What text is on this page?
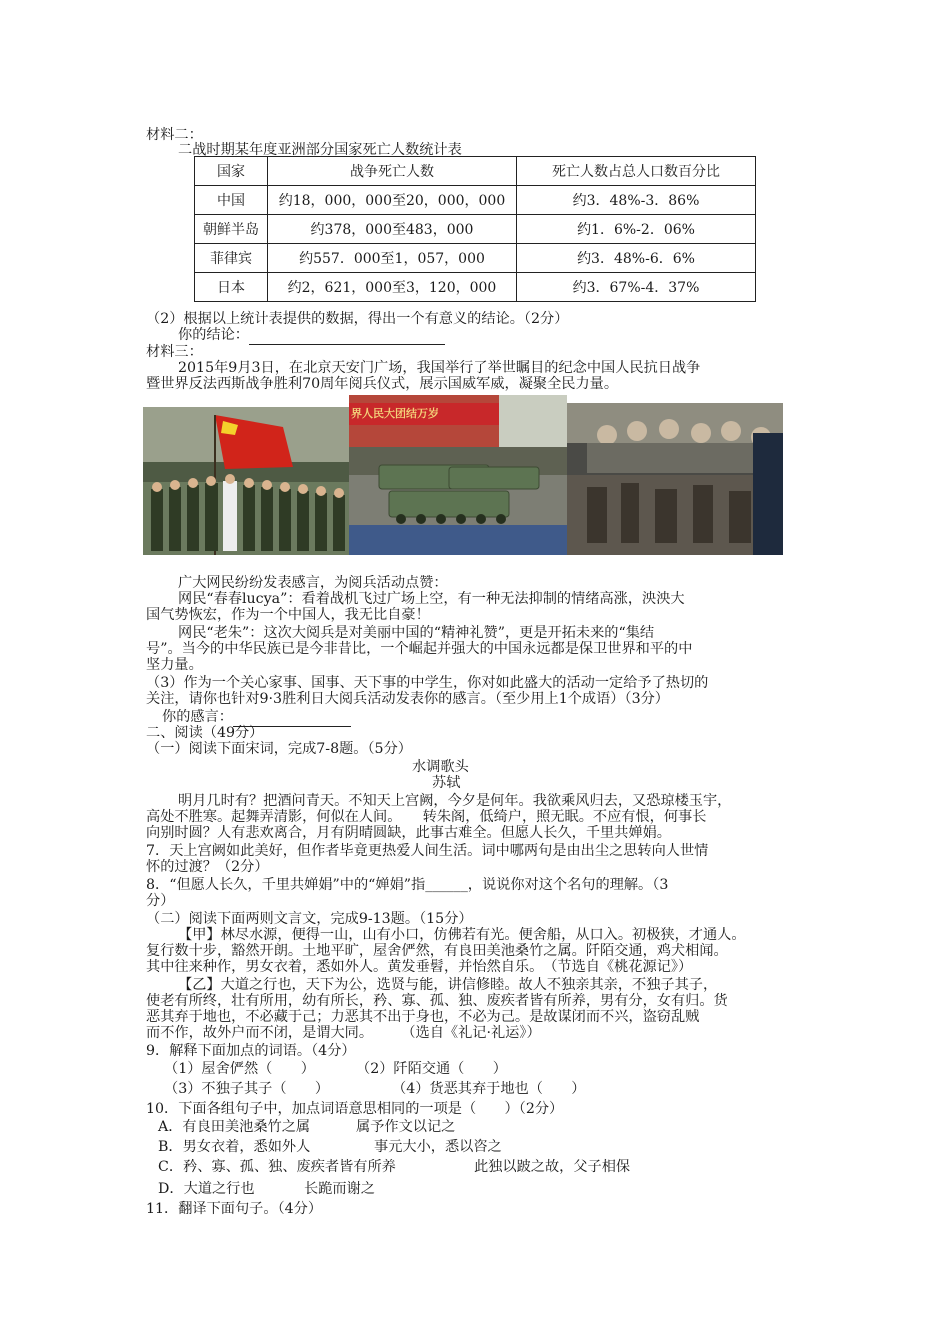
材料二：
二战时期某年度亚洲部分国家死亡人数统计表
国家	战争死亡人数	死亡人数占总人口数百分比
中国	约18，000，000至20，000，000	约3．48%-3．86%
朝鲜半岛	约378，000至483，000	约1．6%-2．06%
菲律宾	约557．000至1，057，000	约3．48%-6．6%
日本	约2，621，000至3，120，000	约3．67%-4．37%
（2）根据以上统计表提供的数据，得出一个有意义的结论。（2分）
你的结论：
材料三：
2015年9月3日，在北京天安门广场，我国举行了举世瞩目的纪念中国人民抗日战争
暨世界反法西斯战争胜利70周年阅兵仪式，展示国威军威，凝聚全民力量。
界人民大团结万岁
广大网民纷纷发表感言，为阅兵活动点赞：
网民“春春lucya”：看着战机飞过广场上空，有一种无法抑制的情绪高涨，泱泱大
国气势恢宏，作为一个中国人，我无比自豪！
网民“老朱”：这次大阅兵是对美丽中国的“精神礼赞”，更是开拓未来的“集结
号”。当今的中华民族已是今非昔比，一个崛起并强大的中国永远都是保卫世界和平的中
坚力量。
（3）作为一个关心家事、国事、天下事的中学生，你对如此盛大的活动一定给予了热切的
关注，请你也针对9·3胜利日大阅兵活动发表你的感言。（至少用上1个成语）（3分）
你的感言：
二、阅读（49分）
（一）阅读下面宋词，完成7-8题。（5分）
水调歌头
苏轼
明月几时有？把酒问青天。不知天上宫阙，今夕是何年。我欲乘风归去，又恐琼楼玉宇，
高处不胜寒。起舞弄清影，何似在人间。　　转朱阁，低绮户，照无眠。不应有恨，何事长
向别时圆？人有悲欢离合，月有阴晴圆缺，此事古难全。但愿人长久，千里共婵娟。
7．天上宫阙如此美好，但作者毕竟更热爱人间生活。词中哪两句是由出尘之思转向人世情
怀的过渡？（2分）
8．“但愿人长久，千里共婵娟”中的“婵娟”指______，说说你对这个名句的理解。（3
分）
（二）阅读下面两则文言文，完成9-13题。（15分）
【甲】林尽水源，便得一山，山有小口，仿佛若有光。便舍船，从口入。初极狭，才通人。
复行数十步，豁然开朗。土地平旷，屋舍俨然，有良田美池桑竹之属。阡陌交通，鸡犬相闻。
其中往来种作，男女衣着，悉如外人。黄发垂髫，并怡然自乐。　（节选自《桃花源记》）
【乙】大道之行也，天下为公，选贤与能，讲信修睦。故人不独亲其亲，不独子其子，
使老有所终，壮有所用，幼有所长，矜、寡、孤、独、废疾者皆有所养，男有分，女有归。货
恶其弃于地也，不必藏于己；力恶其不出于身也，不必为己。是故谋闭而不兴，盗窃乱贼
而不作，故外户而不闭，是谓大同。　　　（选自《礼记·礼运》）
9．解释下面加点的词语。（4分）
（1）屋舍俨然（　　）	（2）阡陌交通（　　）
（3）不独子其子（　　）	（4）货恶其弃于地也（　　）
10．下面各组句子中，加点词语意思相同的一项是（　　）（2分）
A．有良田美池桑竹之属	属予作文以记之
B．男女衣着，悉如外人	事元大小，悉以咨之
C．矜、寡、孤、独、废疾者皆有所养	此独以跛之故，父子相保
D．大道之行也	长跪而谢之
11．翻译下面句子。（4分）
